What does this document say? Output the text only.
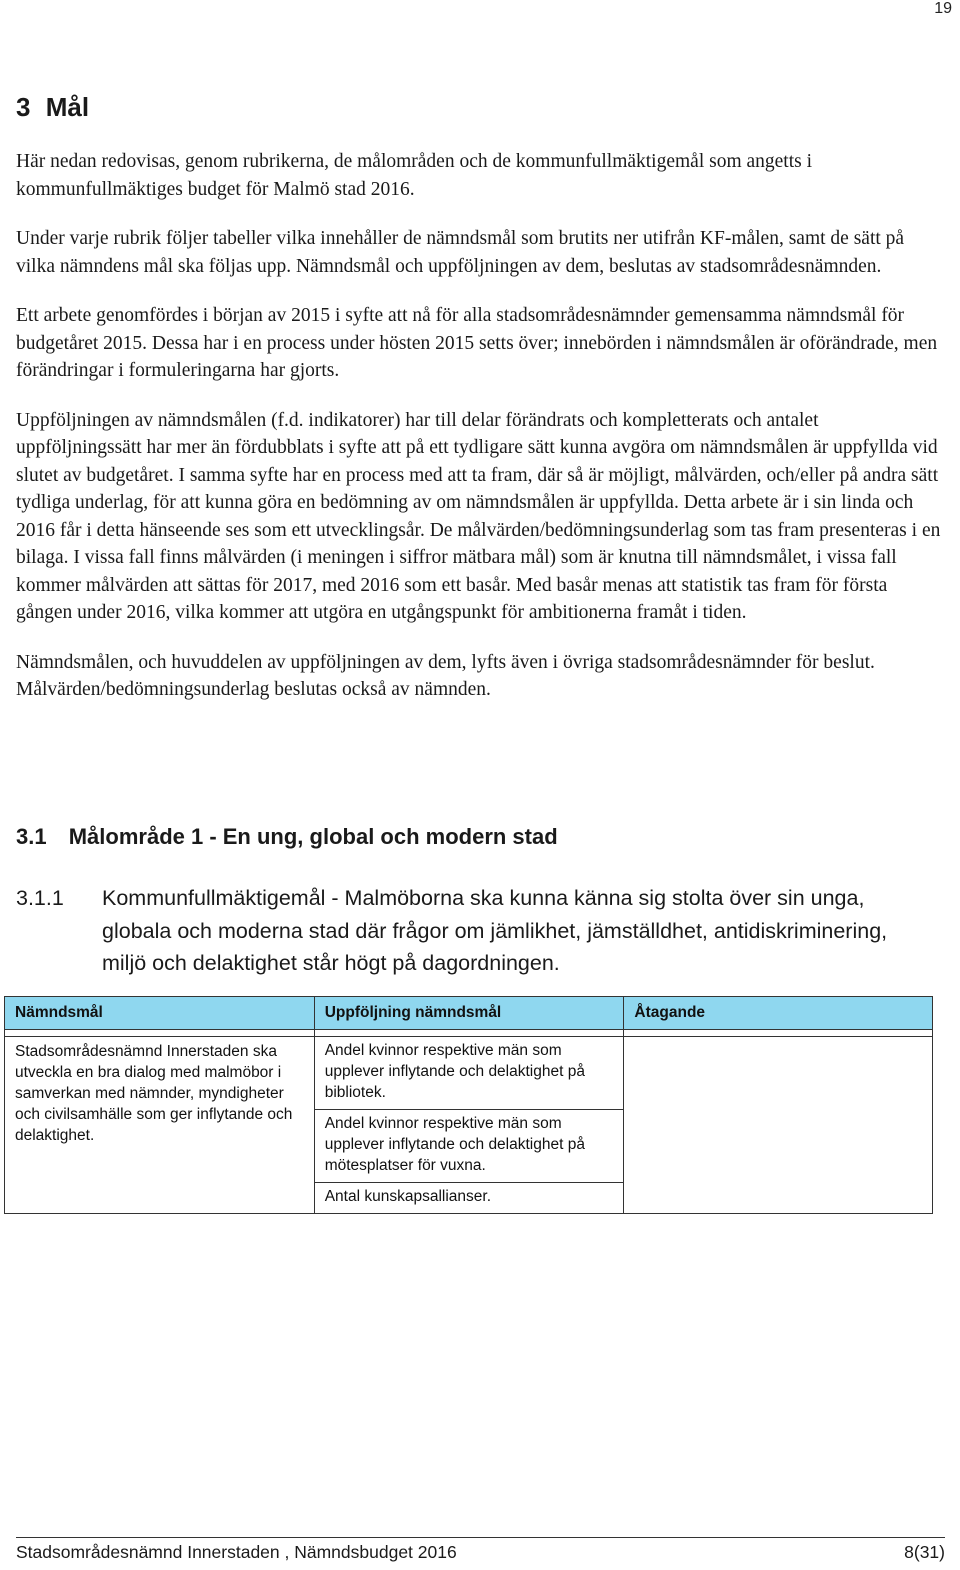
19
3 Mål

Här nedan redovisas, genom rubrikerna, de målområden och de kommunfullmäktigemål som angetts i kommunfullmäktiges budget för Malmö stad 2016.

Under varje rubrik följer tabeller vilka innehåller de nämndsmål som brutits ner utifrån KF-målen, samt de sätt på vilka nämndens mål ska följas upp. Nämndsmål och uppföljningen av dem, beslutas av stadsområdesnämnden.

Ett arbete genomfördes i början av 2015 i syfte att nå för alla stadsområdesnämnder gemensamma nämndsmål för budgetåret 2015. Dessa har i en process under hösten 2015 setts över; innebörden i nämndsmålen är oförändrade, men förändringar i formuleringarna har gjorts.

Uppföljningen av nämndsmålen (f.d. indikatorer) har till delar förändrats och kompletterats och antalet uppföljningssätt har mer än fördubblats i syfte att på ett tydligare sätt kunna avgöra om nämndsmålen är uppfyllda vid slutet av budgetåret. I samma syfte har en process med att ta fram, där så är möjligt, målvärden, och/eller på andra sätt tydliga underlag, för att kunna göra en bedömning av om nämndsmålen är uppfyllda. Detta arbete är i sin linda och 2016 får i detta hänseende ses som ett utvecklingsår. De målvärden/bedömningsunderlag som tas fram presenteras i en bilaga. I vissa fall finns målvärden (i meningen i siffror mätbara mål) som är knutna till nämndsmålet, i vissa fall kommer målvärden att sättas för 2017, med 2016 som ett basår. Med basår menas att statistik tas fram för första gången under 2016, vilka kommer att utgöra en utgångspunkt för ambitionerna framåt i tiden.

Nämndsmålen, och huvuddelen av uppföljningen av dem, lyfts även i övriga stadsområdesnämnder för beslut. Målvärden/bedömningsunderlag beslutas också av nämnden.

3.1 Målområde 1 - En ung, global och modern stad
3.1.1	Kommunfullmäktigemål - Malmöborna ska kunna känna sig stolta över sin unga, globala och moderna stad där frågor om jämlikhet, jämställdhet, antidiskriminering, miljö och delaktighet står högt på dagordningen.
Nämndsmål	Uppföljning nämndsmål	Åtagande

Stadsområdesnämnd Innerstaden ska utveckla en bra dialog med malmöbor i samverkan med nämnder, myndigheter och civilsamhälle som ger inflytande och delaktighet.	Andel kvinnor respektive män som upplever inflytande och delaktighet på bibliotek.
Andel kvinnor respektive män som upplever inflytande och delaktighet på mötesplatser för vuxna.
Antal kunskapsallianser.	

Stadsområdesnämnd Innerstaden , Nämndsbudget 2016	8(31)
